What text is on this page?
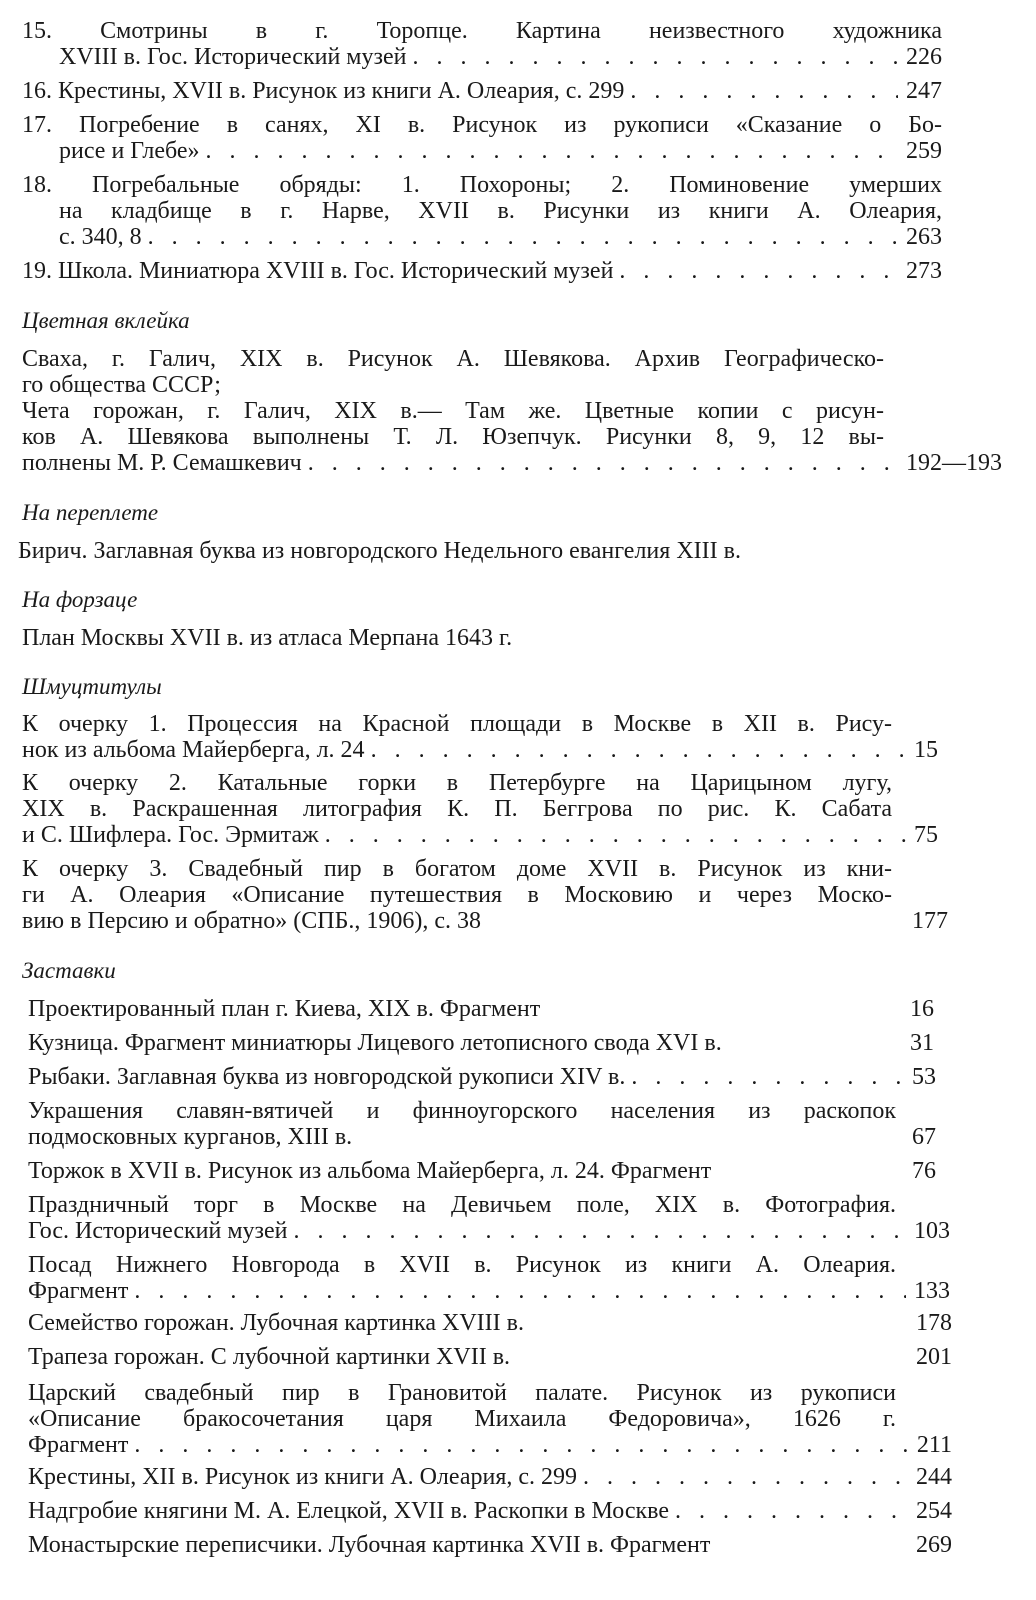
15. Смотрины в г. Торопце. Картина неизвестного художника
XVIII в. Гос. Исторический музей . . .	226
16. Крестины, XVII в. Рисунок из книги А. Олеария, с. 299 . . .	247
17. Погребение в санях, XI в. Рисунок из рукописи «Сказание о Бо-
рисе и Глебе» . . .	259
18. Погребальные обряды: 1. Похороны; 2. Поминовение умерших
на кладбище в г. Нарве, XVII в. Рисунки из книги А. Олеария,
с. 340, 8 . . .	263
19. Школа. Миниатюра XVIII в. Гос. Исторический музей . . .	273
Цветная вклейка
Сваха, г. Галич, XIX в. Рисунок А. Шевякова. Архив Географическо-
го общества СССР;
Чета горожан, г. Галич, XIX в.— Там же. Цветные копии с рисун-
ков А. Шевякова выполнены Т. Л. Юзепчук. Рисунки 8, 9, 12 вы-
полнены М. Р. Семашкевич . . .	192—193
На переплете
Бирич. Заглавная буква из новгородского Недельного евангелия XIII в.
На форзаце
План Москвы XVII в. из атласа Мерпана 1643 г.
Шмуцтитулы
К очерку 1. Процессия на Красной площади в Москве в XII в. Рису-
нок из альбома Майерберга, л. 24 . . .	15
К очерку 2. Катальные горки в Петербурге на Царицыном лугу,
XIX в. Раскрашенная литография К. П. Беггрова по рис. К. Сабата
и С. Шифлера. Гос. Эрмитаж . . .	75
К очерку 3. Свадебный пир в богатом доме XVII в. Рисунок из кни-
ги А. Олеария «Описание путешествия в Московию и через Моско-
вию в Персию и обратно» (СПБ., 1906), с. 38	177
Заставки
Проектированный план г. Киева, XIX в. Фрагмент	16
Кузница. Фрагмент миниатюры Лицевого летописного свода XVI в.	31
Рыбаки. Заглавная буква из новгородской рукописи XIV в. . . .	53
Украшения славян-вятичей и финноугорского населения из раскопок
подмосковных курганов, XIII в.	67
Торжок в XVII в. Рисунок из альбома Майерберга, л. 24. Фрагмент	76
Праздничный торг в Москве на Девичьем поле, XIX в. Фотография.
Гос. Исторический музей . . .	103
Посад Нижнего Новгорода в XVII в. Рисунок из книги А. Олеария.
Фрагмент . . .	133
Семейство горожан. Лубочная картинка XVIII в.	178
Трапеза горожан. С лубочной картинки XVII в.	201
Царский свадебный пир в Грановитой палате. Рисунок из рукописи
«Описание бракосочетания царя Михаила Федоровича», 1626 г.
Фрагмент . . .	211
Крестины, XII в. Рисунок из книги А. Олеария, с. 299 . . .	244
Надгробие княгини М. А. Елецкой, XVII в. Раскопки в Москве . . .	254
Монастырские переписчики. Лубочная картинка XVII в. Фрагмент	269
